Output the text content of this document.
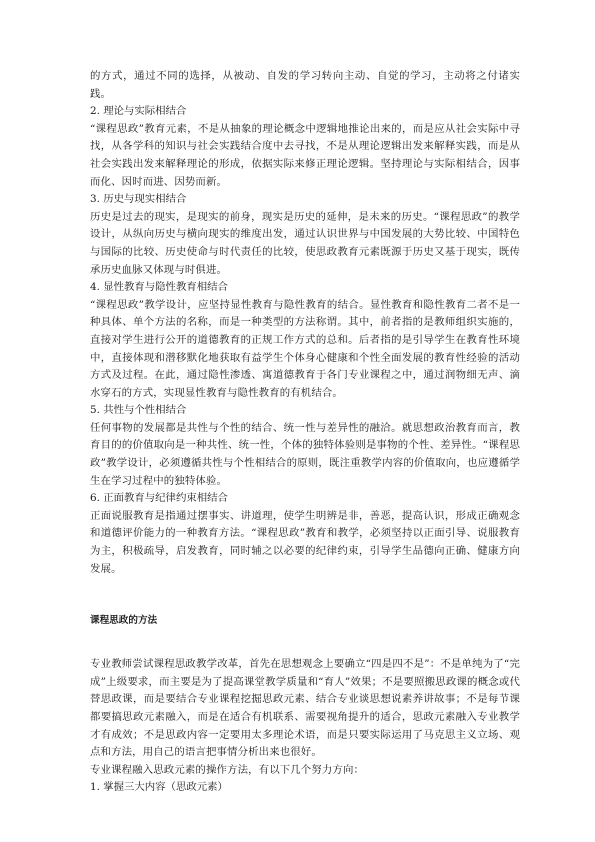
的方式，通过不同的选择，从被动、自发的学习转向主动、自觉的学习，主动将之付诸实践。

2. 理论与实际相结合

“课程思政”教育元素，不是从抽象的理论概念中逻辑地推论出来的，而是应从社会实际中寻找，从各学科的知识与社会实践结合度中去寻找，不是从理论逻辑出发来解释实践，而是从社会实践出发来解释理论的形成，依据实际来修正理论逻辑。坚持理论与实际相结合，因事而化、因时而进、因势而新。

3. 历史与现实相结合

历史是过去的现实，是现实的前身，现实是历史的延伸，是未来的历史。“课程思政”的教学设计，从纵向历史与横向现实的维度出发，通过认识世界与中国发展的大势比较、中国特色与国际的比较、历史使命与时代责任的比较，使思政教育元素既源于历史又基于现实，既传承历史血脉又体现与时俱进。

4. 显性教育与隐性教育相结合

“课程思政”教学设计，应坚持显性教育与隐性教育的结合。显性教育和隐性教育二者不是一种具体、单个方法的名称，而是一种类型的方法称谓。其中，前者指的是教师组织实施的，直接对学生进行公开的道德教育的正规工作方式的总和。后者指的是引导学生在教育性环境中，直接体现和潜移默化地获取有益学生个体身心健康和个性全面发展的教育性经验的活动方式及过程。在此，通过隐性渗透、寓道德教育于各门专业课程之中，通过润物细无声、滴水穿石的方式，实现显性教育与隐性教育的有机结合。

5. 共性与个性相结合

任何事物的发展都是共性与个性的结合、统一性与差异性的融洽。就思想政治教育而言，教育目的的价值取向是一种共性、统一性，个体的独特体验则是事物的个性、差异性。“课程思政”教学设计，必须遵循共性与个性相结合的原则，既注重教学内容的价值取向，也应遵循学生在学习过程中的独特体验。

6. 正面教育与纪律约束相结合

正面说服教育是指通过摆事实、讲道理，使学生明辨是非，善恶，提高认识，形成正确观念和道德评价能力的一种教育方法。“课程思政”教育和教学，必须坚持以正面引导、说服教育为主，积极疏导，启发教育，同时辅之以必要的纪律约束，引导学生品德向正确、健康方向发展。

课程思政的方法

专业教师尝试课程思政教学改革，首先在思想观念上要确立“四是四不是”：不是单纯为了“完成”上级要求，而主要是为了提高课堂教学质量和“育人”效果；不是要照搬思政课的概念或代替思政课，而是要结合专业课程挖掘思政元素、结合专业谈思想说素养讲故事；不是每节课都要搞思政元素融入，而是在适合有机联系、需要视角提升的适合，思政元素融入专业教学才有成效；不是思政内容一定要用太多理论术语，而是只要实际运用了马克思主义立场、观点和方法，用自己的语言把事情分析出来也很好。

专业课程融入思政元素的操作方法，有以下几个努力方向：

1. 掌握三大内容（思政元素）
